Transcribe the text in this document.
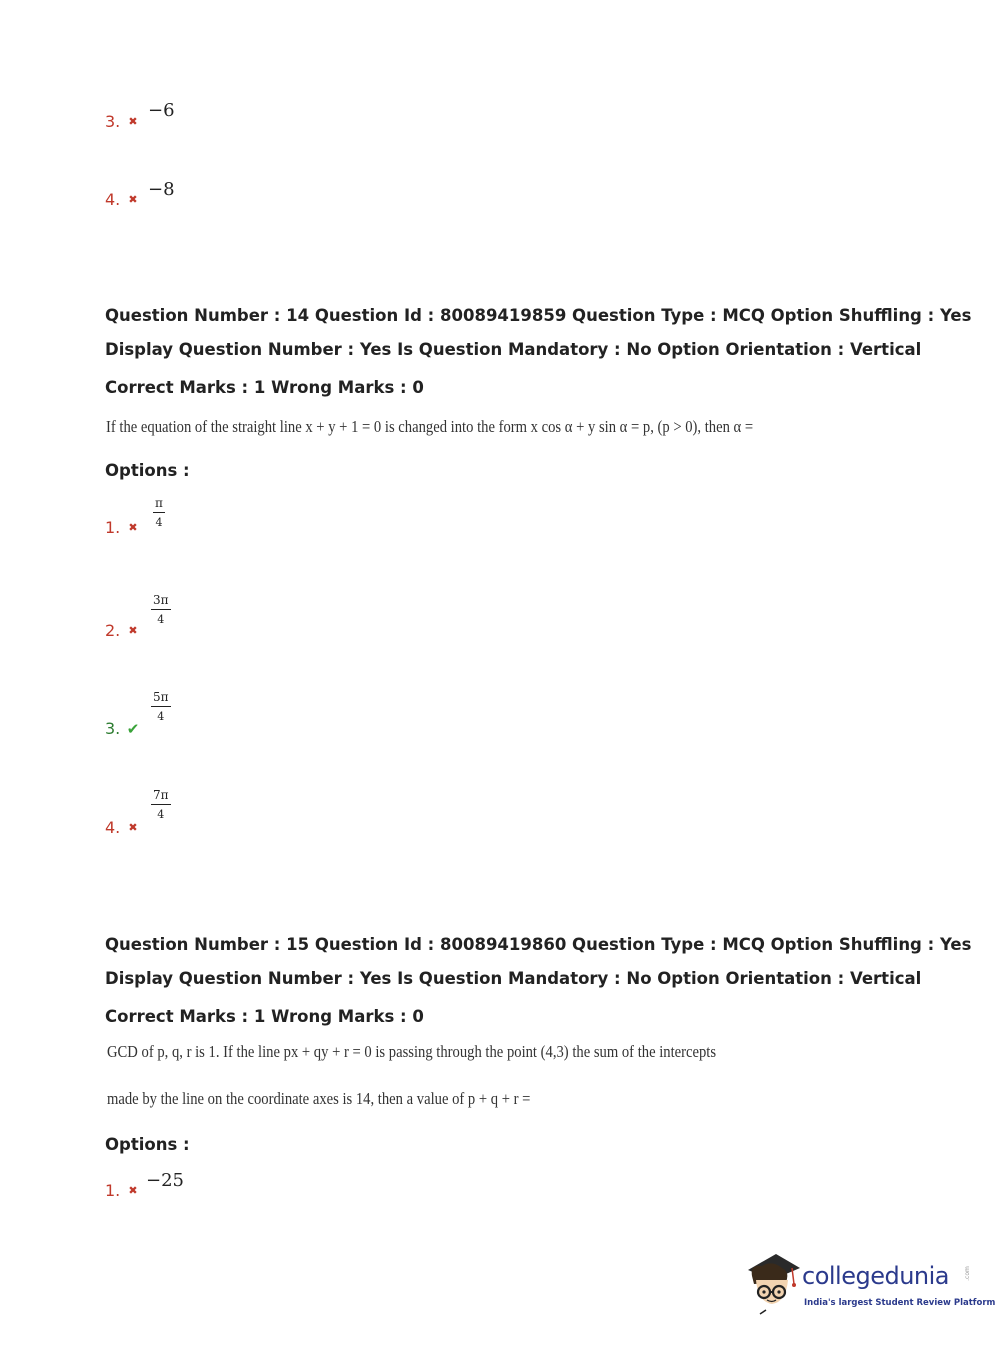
3. ✖
−6
4. ✖ −8
Question Number : 14 Question Id : 80089419859 Question Type : MCQ Option Shuffling : Yes
Display Question Number : Yes Is Question Mandatory : No Option Orientation : Vertical
Correct Marks : 1 Wrong Marks : 0
If the equation of the straight line x + y + 1 = 0 is changed into the form x cos α + y sin α = p, (p > 0), then α =
Options :
1. ✖ $\frac{\pi}{4}$
2. ✖
$\frac{3\pi}{4}$
3. ✔
$\frac{5\pi}{4}$
4. ✖
$\frac{7\pi}{4}$
Question Number : 15 Question Id : 80089419860 Question Type : MCQ Option Shuffling : Yes
Display Question Number : Yes Is Question Mandatory : No Option Orientation : Vertical
Correct Marks : 1 Wrong Marks : 0
GCD of p, q, r is 1. If the line px + qy + r = 0 is passing through the point (4,3) the sum of the intercepts
made by the line on the coordinate axes is 14, then a value of p + q + r =
Options :
1. ✖ −25
collegedunia
India's largest Student Review Platform
.com
